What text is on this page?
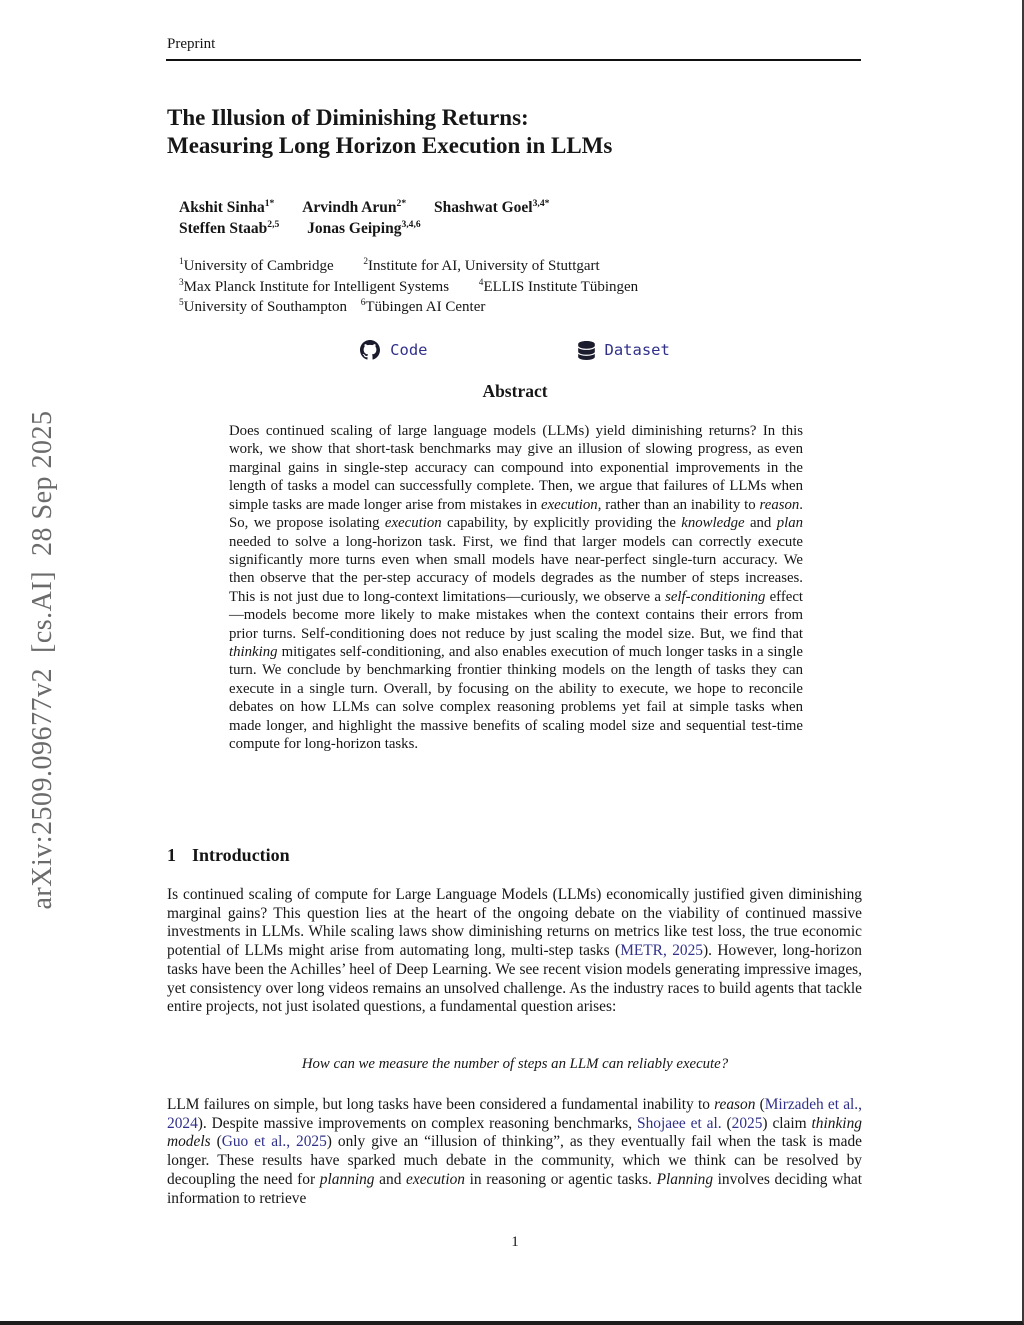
arXiv:2509.09677v2  [cs.AI]  28 Sep 2025
Preprint
The Illusion of Diminishing Returns:
Measuring Long Horizon Execution in LLMs
Akshit Sinha$^{1*}$ Arvindh Arun$^{2*}$ Shashwat Goel$^{3,4*}$
Steffen Staab$^{2,5}$ Jonas Geiping$^{3,4,6}$
$^1$University of Cambridge	$^2$Institute for AI, University of Stuttgart
$^3$Max Planck Institute for Intelligent Systems	$^4$ELLIS Institute Tübingen
$^5$University of Southampton $^6$Tübingen AI Center
Code	Dataset
Abstract
Does continued scaling of large language models (LLMs) yield diminishing returns? In this work, we show that short-task benchmarks may give an illusion of slowing progress, as even marginal gains in single-step accuracy can compound into exponential improvements in the length of tasks a model can successfully complete. Then, we argue that failures of LLMs when simple tasks are made longer arise from mistakes in execution, rather than an inability to reason. So, we propose isolating execution capability, by explicitly providing the knowledge and plan needed to solve a long-horizon task. First, we find that larger models can correctly execute significantly more turns even when small models have near-perfect single-turn accuracy. We then observe that the per-step accuracy of models degrades as the number of steps increases. This is not just due to long-context limitations—curiously, we observe a self-conditioning effect—models become more likely to make mistakes when the context contains their errors from prior turns. Self-conditioning does not reduce by just scaling the model size. But, we find that thinking mitigates self-conditioning, and also enables execution of much longer tasks in a single turn. We conclude by benchmarking frontier thinking models on the length of tasks they can execute in a single turn. Overall, by focusing on the ability to execute, we hope to reconcile debates on how LLMs can solve complex reasoning problems yet fail at simple tasks when made longer, and highlight the massive benefits of scaling model size and sequential test-time compute for long-horizon tasks.
1 Introduction

Is continued scaling of compute for Large Language Models (LLMs) economically justified given diminishing marginal gains? This question lies at the heart of the ongoing debate on the viability of continued massive investments in LLMs. While scaling laws show diminishing returns on metrics like test loss, the true economic potential of LLMs might arise from automating long, multi-step tasks (METR, 2025). However, long-horizon tasks have been the Achilles’ heel of Deep Learning. We see recent vision models generating impressive images, yet consistency over long videos remains an unsolved challenge. As the industry races to build agents that tackle entire projects, not just isolated questions, a fundamental question arises:

How can we measure the number of steps an LLM can reliably execute?

LLM failures on simple, but long tasks have been considered a fundamental inability to reason (Mirzadeh et al., 2024). Despite massive improvements on complex reasoning benchmarks, Shojaee et al. (2025) claim thinking models (Guo et al., 2025) only give an “illusion of thinking”, as they eventually fail when the task is made longer. These results have sparked much debate in the community, which we think can be resolved by decoupling the need for planning and execution in reasoning or agentic tasks. Planning involves deciding what information to retrieve

1
